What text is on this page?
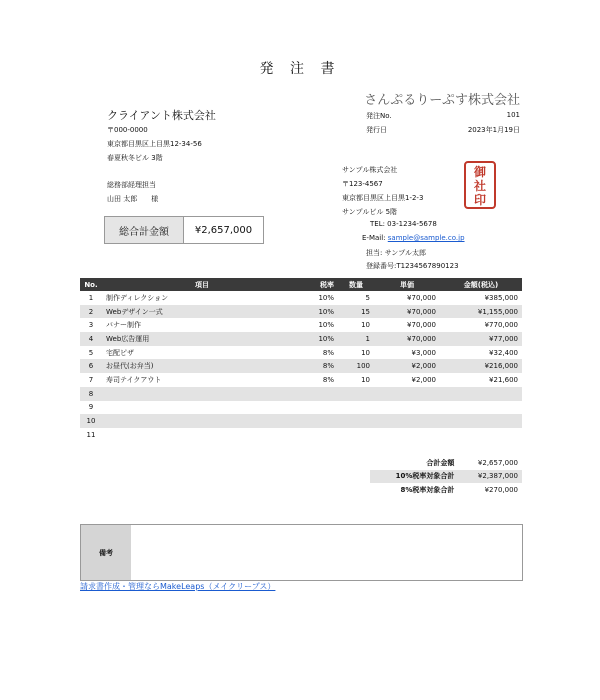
発 注 書
さんぷるりーぷす株式会社
クライアント株式会社
〒000-0000
東京都目黒区上目黒12-34-56
春夏秋冬ビル 3階
総務部経理担当
山田 太郎　　様
発注No.	101
発行日	2023年1月19日
サンプル株式会社
〒123-4567
東京都目黒区上目黒1-2-3
サンプルビル 5階
TEL: 03-1234-5678
E-Mail: sample@sample.co.jp
担当: サンプル太郎
登録番号:T1234567890123
御
社
印
総合計金額	¥2,657,000
No.	項目	税率	数量	単価	金額(税込)
1	制作ディレクション	10%	5	¥70,000	¥385,000
2	Webデザイン一式	10%	15	¥70,000	¥1,155,000
3	バナー制作	10%	10	¥70,000	¥770,000
4	Web広告運用	10%	1	¥70,000	¥77,000
5	宅配ピザ	8%	10	¥3,000	¥32,400
6	お昼代(お弁当)	8%	100	¥2,000	¥216,000
7	寿司テイクアウト	8%	10	¥2,000	¥21,600
8					
9					
10					
11					
合計金額	¥2,657,000
10%税率対象合計	¥2,387,000
8%税率対象合計	¥270,000
備考
請求書作成・管理ならMakeLeaps（メイクリープス）
